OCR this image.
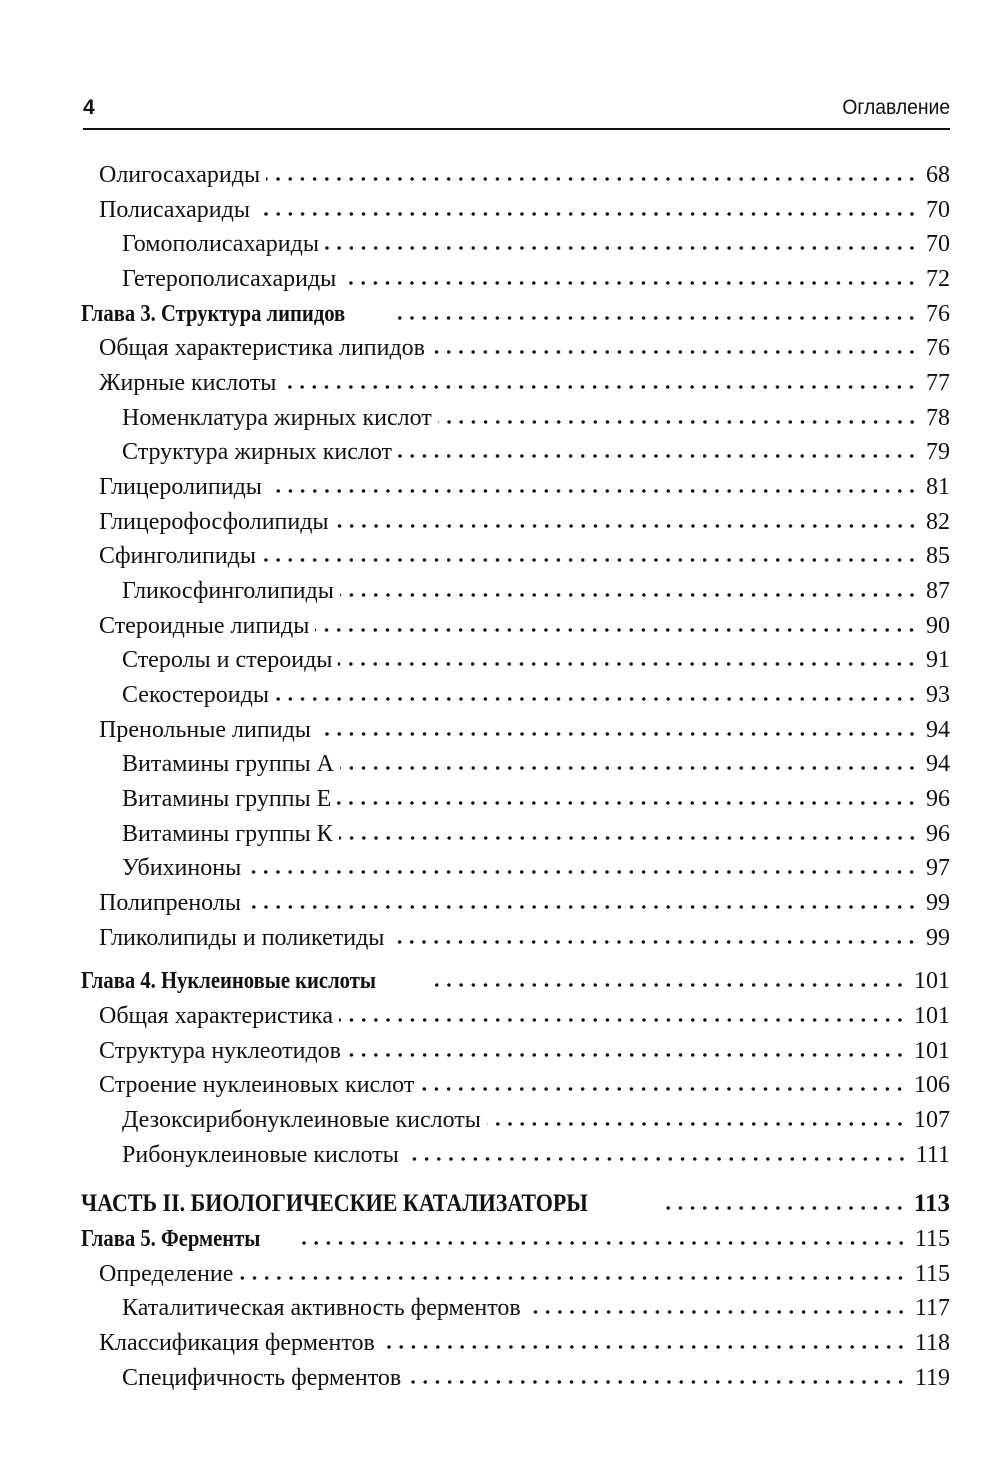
4	Оглавление
Олигосахариды	68
Полисахариды	70
Гомополисахариды	70
Гетерополисахариды	72
Глава 3. Структура липидов	76
Общая характеристика липидов	76
Жирные кислоты	77
Номенклатура жирных кислот	78
Структура жирных кислот	79
Глицеролипиды	81
Глицерофосфолипиды	82
Сфинголипиды	85
Гликосфинголипиды	87
Стероидные липиды	90
Стеролы и стероиды	91
Секостероиды	93
Пренольные липиды	94
Витамины группы А	94
Витамины группы Е	96
Витамины группы К	96
Убихиноны	97
Полипренолы	99
Гликолипиды и поликетиды	99
Глава 4. Нуклеиновые кислоты	101
Общая характеристика	101
Структура нуклеотидов	101
Строение нуклеиновых кислот	106
Дезоксирибонуклеиновые кислоты	107
Рибонуклеиновые кислоты	111
ЧАСТЬ II. БИОЛОГИЧЕСКИЕ КАТАЛИЗАТОРЫ	113
Глава 5. Ферменты	115
Определение	115
Каталитическая активность ферментов	117
Классификация ферментов	118
Специфичность ферментов	119
